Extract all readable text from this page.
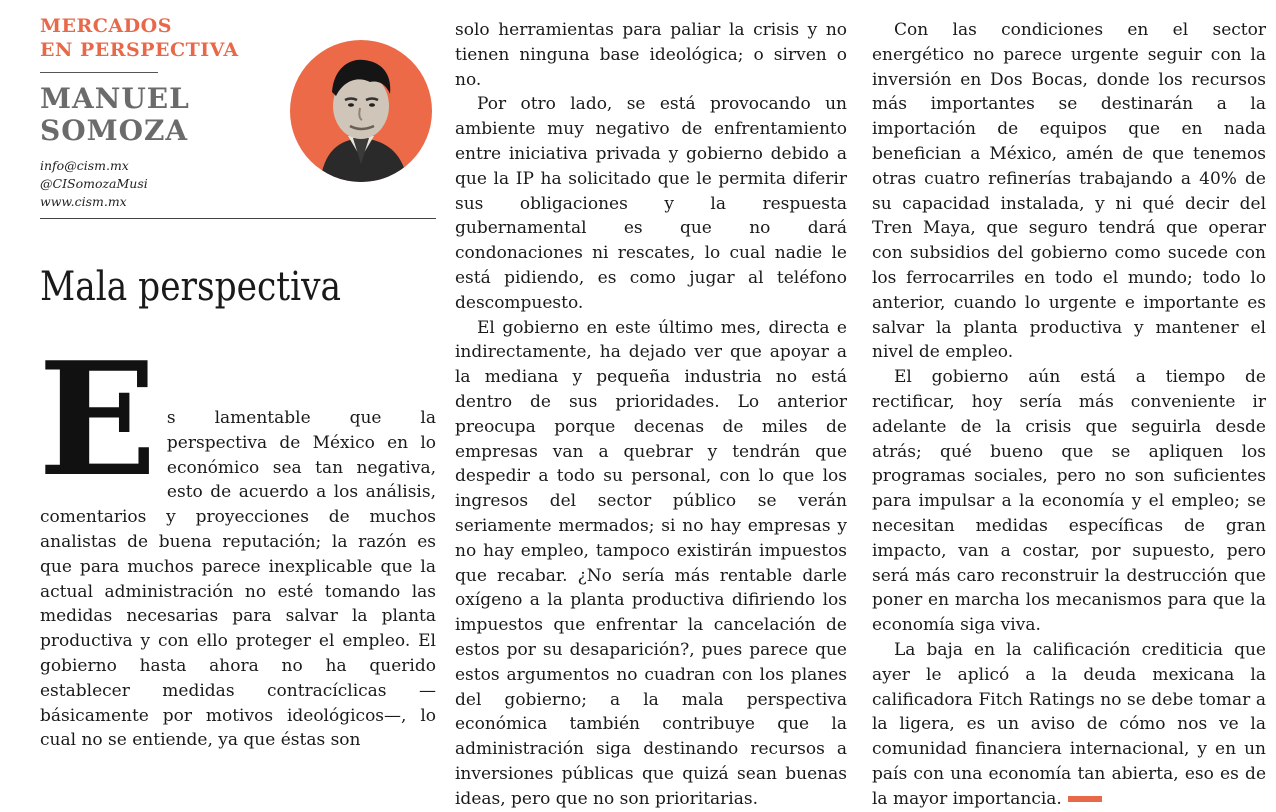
MERCADOS
EN PERSPECTIVA
MANUEL
SOMOZA
info@cism.mx
@CISomozaMusi
www.cism.mx
Mala perspectiva
E s lamentable que la perspectiva de México en lo económico sea tan negativa, esto de acuerdo a los análisis, comentarios y proyecciones de muchos analistas de buena reputación; la razón es que para muchos parece inexplicable que la actual administración no esté tomando las medidas necesarias para salvar la planta productiva y con ello proteger el empleo. El gobierno hasta ahora no ha querido establecer medidas contracíclicas —básicamente por motivos ideológicos—, lo cual no se entiende, ya que éstas son

solo herramientas para paliar la crisis y no tienen ninguna base ideológica; o sirven o no.

Por otro lado, se está provocando un ambiente muy negativo de enfrentamiento entre iniciativa privada y gobierno debido a que la IP ha solicitado que le permita diferir sus obligaciones y la respuesta gubernamental es que no dará condonaciones ni rescates, lo cual nadie le está pidiendo, es como jugar al teléfono descompuesto.

El gobierno en este último mes, directa e indirectamente, ha dejado ver que apoyar a la mediana y pequeña industria no está dentro de sus prioridades. Lo anterior preocupa porque decenas de miles de empresas van a quebrar y tendrán que despedir a todo su personal, con lo que los ingresos del sector público se verán seriamente mermados; si no hay empresas y no hay empleo, tampoco existirán impuestos que recabar. ¿No sería más rentable darle oxígeno a la planta productiva difiriendo los impuestos que enfrentar la cancelación de estos por su desaparición?, pues parece que estos argumentos no cuadran con los planes del gobierno; a la mala perspectiva económica también contribuye que la administración siga destinando recursos a inversiones públicas que quizá sean buenas ideas, pero que no son prioritarias.

Con las condiciones en el sector energético no parece urgente seguir con la inversión en Dos Bocas, donde los recursos más importantes se destinarán a la importación de equipos que en nada benefician a México, amén de que tenemos otras cuatro refinerías trabajando a 40% de su capacidad instalada, y ni qué decir del Tren Maya, que seguro tendrá que operar con subsidios del gobierno como sucede con los ferrocarriles en todo el mundo; todo lo anterior, cuando lo urgente e importante es salvar la planta productiva y mantener el nivel de empleo.

El gobierno aún está a tiempo de rectificar, hoy sería más conveniente ir adelante de la crisis que seguirla desde atrás; qué bueno que se apliquen los programas sociales, pero no son suficientes para impulsar a la economía y el empleo; se necesitan medidas específicas de gran impacto, van a costar, por supuesto, pero será más caro reconstruir la destrucción que poner en marcha los mecanismos para que la economía siga viva.

La baja en la calificación crediticia que ayer le aplicó a la deuda mexicana la calificadora Fitch Ratings no se debe tomar a la ligera, es un aviso de cómo nos ve la comunidad financiera internacional, y en un país con una economía tan abierta, eso es de la mayor importancia.
